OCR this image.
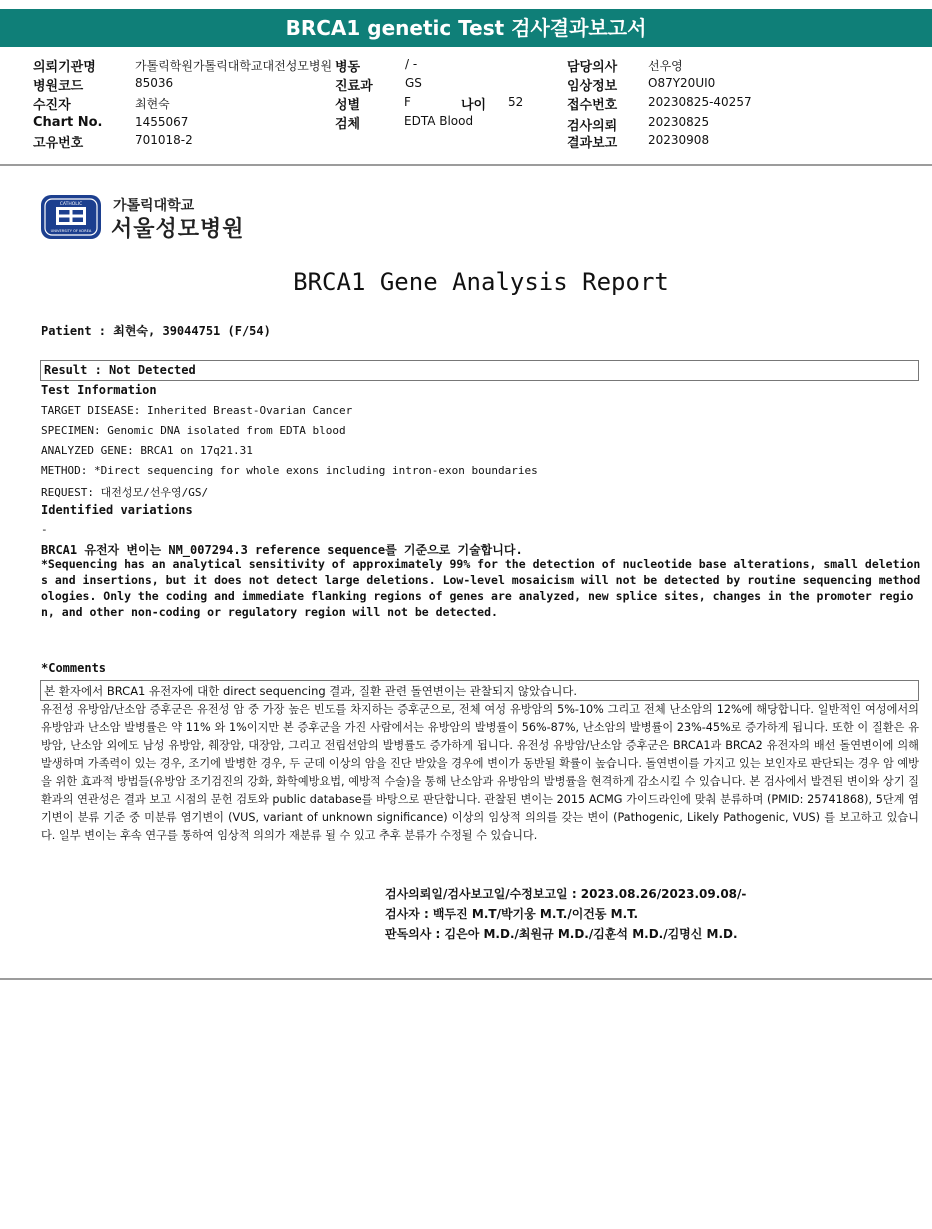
BRCA1 genetic Test 검사결과보고서
의뢰기관명	가톨릭학원가톨릭대학교대전성모병원
병원코드	85036
수진자	최현숙
Chart No.	1455067
고유번호	701018-2
병동	/ -
진료과	GS
성별	F	나이 52
검체	EDTA Blood
담당의사	선우영
임상정보	O87Y20UI0
접수번호	20230825-40257
검사의뢰	20230825
결과보고	20230908
CATHOLIC
UNIVERSITY OF KOREA
가톨릭대학교
서울성모병원
BRCA1 Gene Analysis Report
Patient : 최현숙, 39044751 (F/54)
Result : Not Detected
Test Information
TARGET DISEASE: Inherited Breast-Ovarian Cancer
SPECIMEN: Genomic DNA isolated from EDTA blood
ANALYZED GENE: BRCA1 on 17q21.31
METHOD: *Direct sequencing for whole exons including intron-exon boundaries
REQUEST: 대전성모/선우영/GS/
Identified variations
-
BRCA1 유전자 변이는 NM_007294.3 reference sequence를 기준으로 기술합니다.
*Sequencing has an analytical sensitivity of approximately 99% for the detection of nucleotide base alterations, small deletions and insertions, but it does not detect large deletions. Low-level mosaicism will not be detected by routine sequencing methodologies. Only the coding and immediate flanking regions of genes are analyzed, new splice sites, changes in the promoter region, and other non-coding or regulatory region will not be detected.
*Comments
본 환자에서 BRCA1 유전자에 대한 direct sequencing 결과, 질환 관련 돌연변이는 관찰되지 않았습니다.
유전성 유방암/난소암 증후군은 유전성 암 중 가장 높은 빈도를 차지하는 증후군으로, 전체 여성 유방암의 5%-10% 그리고 전체 난소암의 12%에 해당합니다. 일반적인 여성에서의 유방암과 난소암 발병률은 약 11% 와 1%이지만 본 증후군을 가진 사람에서는 유방암의 발병률이 56%-87%, 난소암의 발병률이 23%-45%로 증가하게 됩니다. 또한 이 질환은 유방암, 난소암 외에도 남성 유방암, 췌장암, 대장암, 그리고 전립선암의 발병률도 증가하게 됩니다. 유전성 유방암/난소암 증후군은 BRCA1과 BRCA2 유전자의 배선 돌연변이에 의해 발생하며 가족력이 있는 경우, 조기에 발병한 경우, 두 군데 이상의 암을 진단 받았을 경우에 변이가 동반될 확률이 높습니다. 돌연변이를 가지고 있는 보인자로 판단되는 경우 암 예방을 위한 효과적 방법들(유방암 조기검진의 강화, 화학예방요법, 예방적 수술)을 통해 난소암과 유방암의 발병률을 현격하게 감소시킬 수 있습니다. 본 검사에서 발견된 변이와 상기 질환과의 연관성은 결과 보고 시점의 문헌 검토와 public database를 바탕으로 판단합니다. 관찰된 변이는 2015 ACMG 가이드라인에 맞춰 분류하며 (PMID: 25741868), 5단계 염기변이 분류 기준 중 미분류 염기변이 (VUS, variant of unknown significance) 이상의 임상적 의의를 갖는 변이 (Pathogenic, Likely Pathogenic, VUS) 를 보고하고 있습니다. 일부 변이는 후속 연구를 통하여 임상적 의의가 재분류 될 수 있고 추후 분류가 수정될 수 있습니다.
검사의뢰일/검사보고일/수정보고일 : 2023.08.26/2023.09.08/-
검사자 : 백두진 M.T/박기웅 M.T./이건동 M.T.
판독의사 : 김은아 M.D./최원규 M.D./김훈석 M.D./김명신 M.D.
